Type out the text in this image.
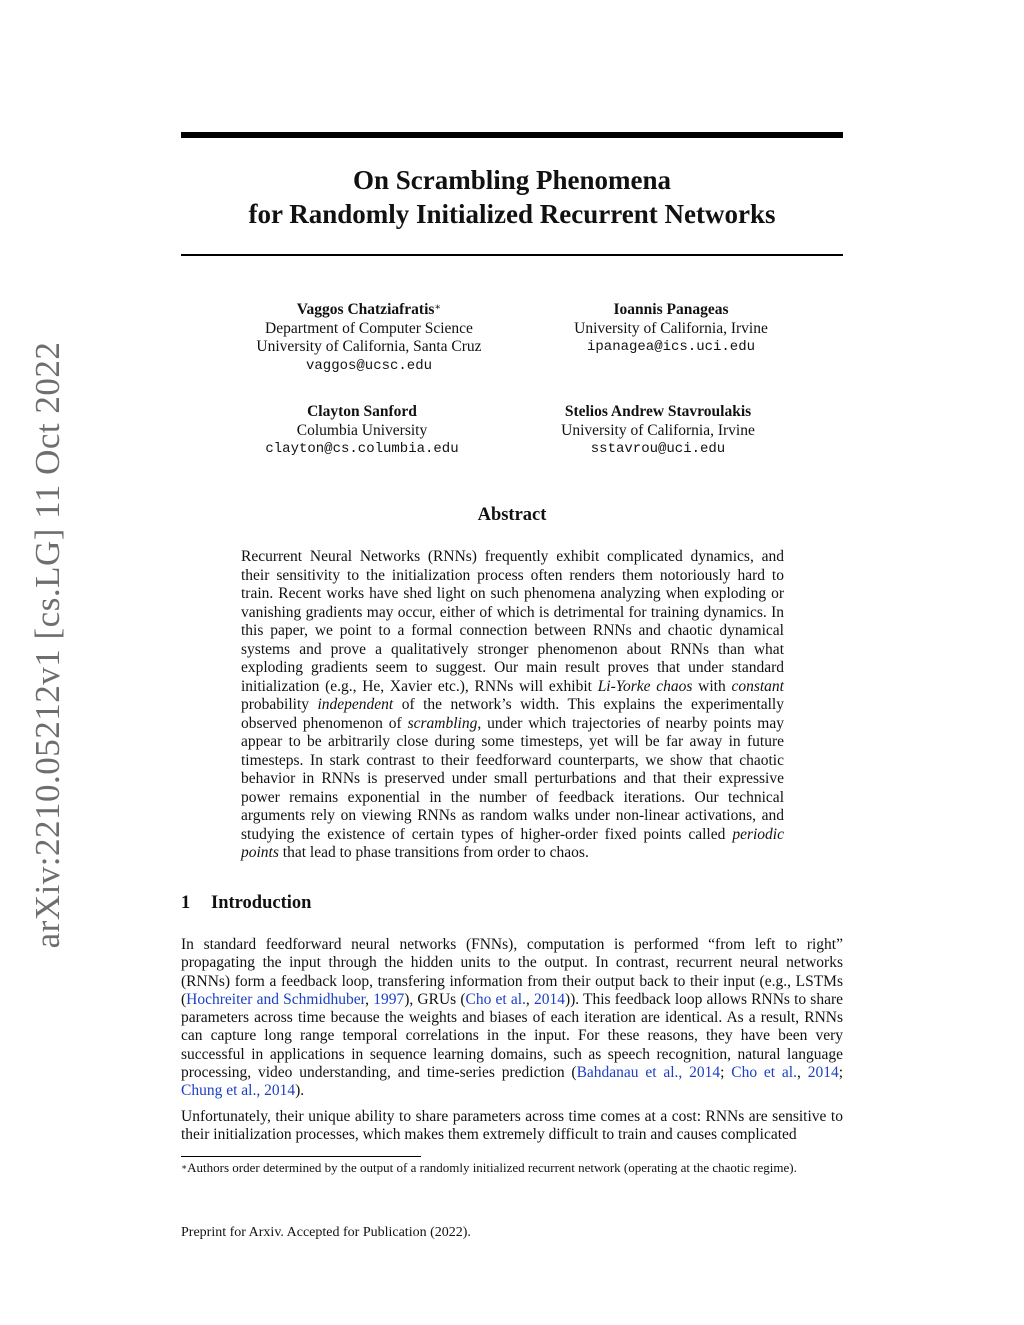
arXiv:2210.05212v1 [cs.LG] 11 Oct 2022
On Scrambling Phenomena
for Randomly Initialized Recurrent Networks
Vaggos Chatziafratis∗
Department of Computer Science
University of California, Santa Cruz
vaggos@ucsc.edu
Ioannis Panageas
University of California, Irvine
ipanagea@ics.uci.edu
Clayton Sanford
Columbia University
clayton@cs.columbia.edu
Stelios Andrew Stavroulakis
University of California, Irvine
sstavrou@uci.edu
Abstract

Recurrent Neural Networks (RNNs) frequently exhibit complicated dynamics, and their sensitivity to the initialization process often renders them notoriously hard to train. Recent works have shed light on such phenomena analyzing when exploding or vanishing gradients may occur, either of which is detrimental for training dynamics. In this paper, we point to a formal connection between RNNs and chaotic dynamical systems and prove a qualitatively stronger phenomenon about RNNs than what exploding gradients seem to suggest. Our main result proves that under standard initialization (e.g., He, Xavier etc.), RNNs will exhibit Li-Yorke chaos with constant probability independent of the network’s width. This explains the experimentally observed phenomenon of scrambling, under which trajectories of nearby points may appear to be arbitrarily close during some timesteps, yet will be far away in future timesteps. In stark contrast to their feedforward counterparts, we show that chaotic behavior in RNNs is preserved under small perturbations and that their expressive power remains exponential in the number of feedback iterations. Our technical arguments rely on viewing RNNs as random walks under non-linear activations, and studying the existence of certain types of higher-order fixed points called periodic points that lead to phase transitions from order to chaos.

1 Introduction

In standard feedforward neural networks (FNNs), computation is performed “from left to right” propagating the input through the hidden units to the output. In contrast, recurrent neural networks (RNNs) form a feedback loop, transfering information from their output back to their input (e.g., LSTMs (Hochreiter and Schmidhuber, 1997), GRUs (Cho et al., 2014)). This feedback loop allows RNNs to share parameters across time because the weights and biases of each iteration are identical. As a result, RNNs can capture long range temporal correlations in the input. For these reasons, they have been very successful in applications in sequence learning domains, such as speech recognition, natural language processing, video understanding, and time-series prediction (Bahdanau et al., 2014; Cho et al., 2014; Chung et al., 2014).

Unfortunately, their unique ability to share parameters across time comes at a cost: RNNs are sensitive to their initialization processes, which makes them extremely difficult to train and causes complicated

∗Authors order determined by the output of a randomly initialized recurrent network (operating at the chaotic regime).

Preprint for Arxiv. Accepted for Publication (2022).
